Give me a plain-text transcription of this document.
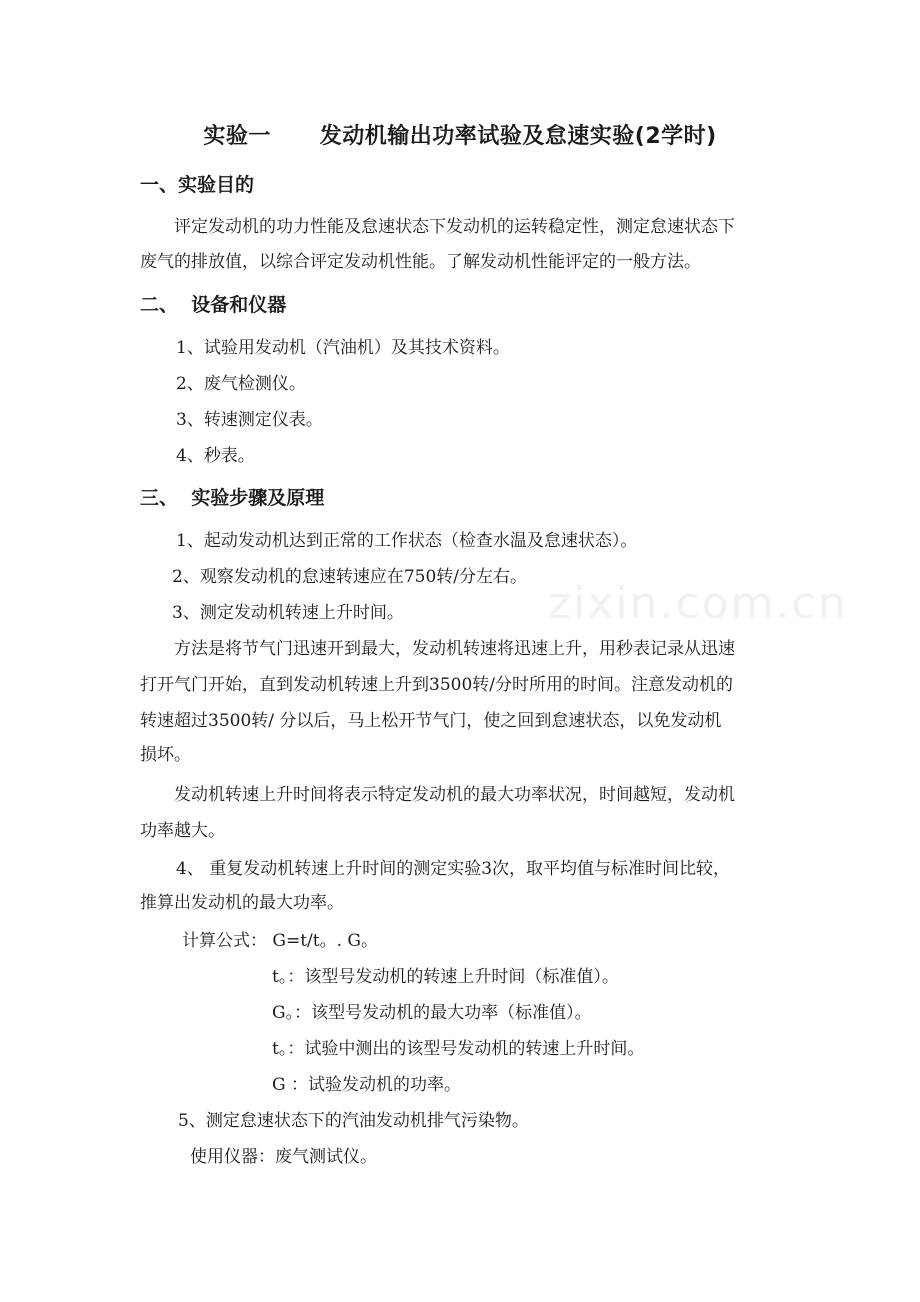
实验一      发动机输出功率试验及怠速实验(2学时)
一、实验目的
评定发动机的功力性能及怠速状态下发动机的运转稳定性，测定怠速状态下
废气的排放值，以综合评定发动机性能。了解发动机性能评定的一般方法。
二、  设备和仪器
1、试验用发动机（汽油机）及其技术资料。
2、废气检测仪。
3、转速测定仪表。
4、秒表。
三、  实验步骤及原理
1、起动发动机达到正常的工作状态（检查水温及怠速状态）。
2、观察发动机的怠速转速应在750转/分左右。
3、测定发动机转速上升时间。
方法是将节气门迅速开到最大，发动机转速将迅速上升，用秒表记录从迅速
打开气门开始，直到发动机转速上升到3500转/分时所用的时间。注意发动机的
转速超过3500转/ 分以后，马上松开节气门，使之回到怠速状态，以免发动机
损坏。
发动机转速上升时间将表示特定发动机的最大功率状况，时间越短，发动机
功率越大。
4、 重复发动机转速上升时间的测定实验3次，取平均值与标准时间比较，
推算出发动机的最大功率。
计算公式： G=t/t。. G。
t。：该型号发动机的转速上升时间（标准值）。
G。：该型号发动机的最大功率（标准值）。
t。：试验中测出的该型号发动机的转速上升时间。
G ：试验发动机的功率。
5、测定怠速状态下的汽油发动机排气污染物。
使用仪器：废气测试仪。
zixin.com.cn
